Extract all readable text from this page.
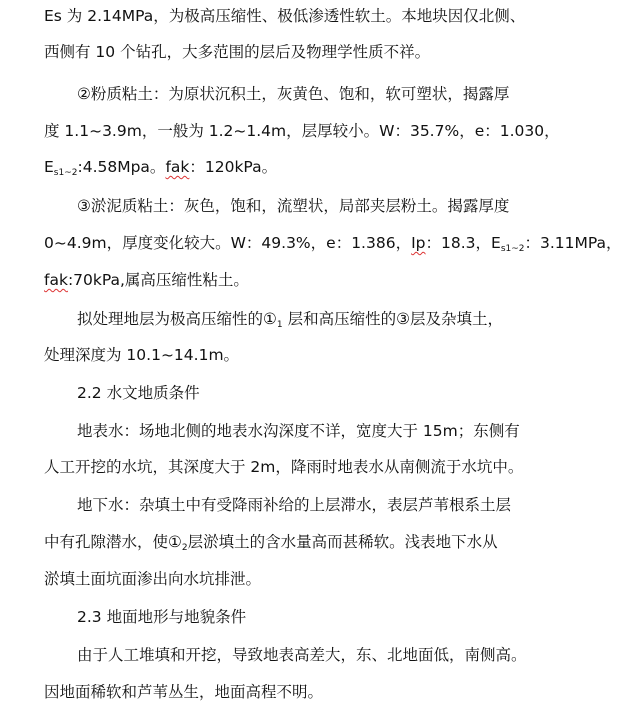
Es 为 2.14MPa，为极高压缩性、极低渗透性软土。本地块因仅北侧、
西侧有 10 个钻孔，大多范围的层后及物理学性质不祥。
②粉质粘土：为原状沉积土，灰黄色、饱和，软可塑状，揭露厚
度 1.1~3.9m，一般为 1.2~1.4m，层厚较小。W：35.7%，e：1.030，
$E_{s1\sim 2}:4.58Mpa$。fak：120kPa。
③淤泥质粘土：灰色，饱和，流塑状，局部夹层粉土。揭露厚度
0~4.9m，厚度变化较大。W：49.3%，e：1.386，Ip：18.3，$E_{s1\sim 2}$：3.11MPa，
fak:70kPa,属高压缩性粘土。
拟处理地层为极高压缩性的$①_1$ 层和高压缩性的③层及杂填土，
处理深度为 10.1~14.1m。
2.2 水文地质条件
地表水：场地北侧的地表水沟深度不详，宽度大于 15m；东侧有
人工开挖的水坑，其深度大于 2m，降雨时地表水从南侧流于水坑中。
地下水：杂填土中有受降雨补给的上层滞水，表层芦苇根系土层
中有孔隙潜水，使$①_2$层淤填土的含水量高而甚稀软。浅表地下水从
淤填土面坑面渗出向水坑排泄。
2.3 地面地形与地貌条件
由于人工堆填和开挖，导致地表高差大，东、北地面低，南侧高。
因地面稀软和芦苇丛生，地面高程不明。
